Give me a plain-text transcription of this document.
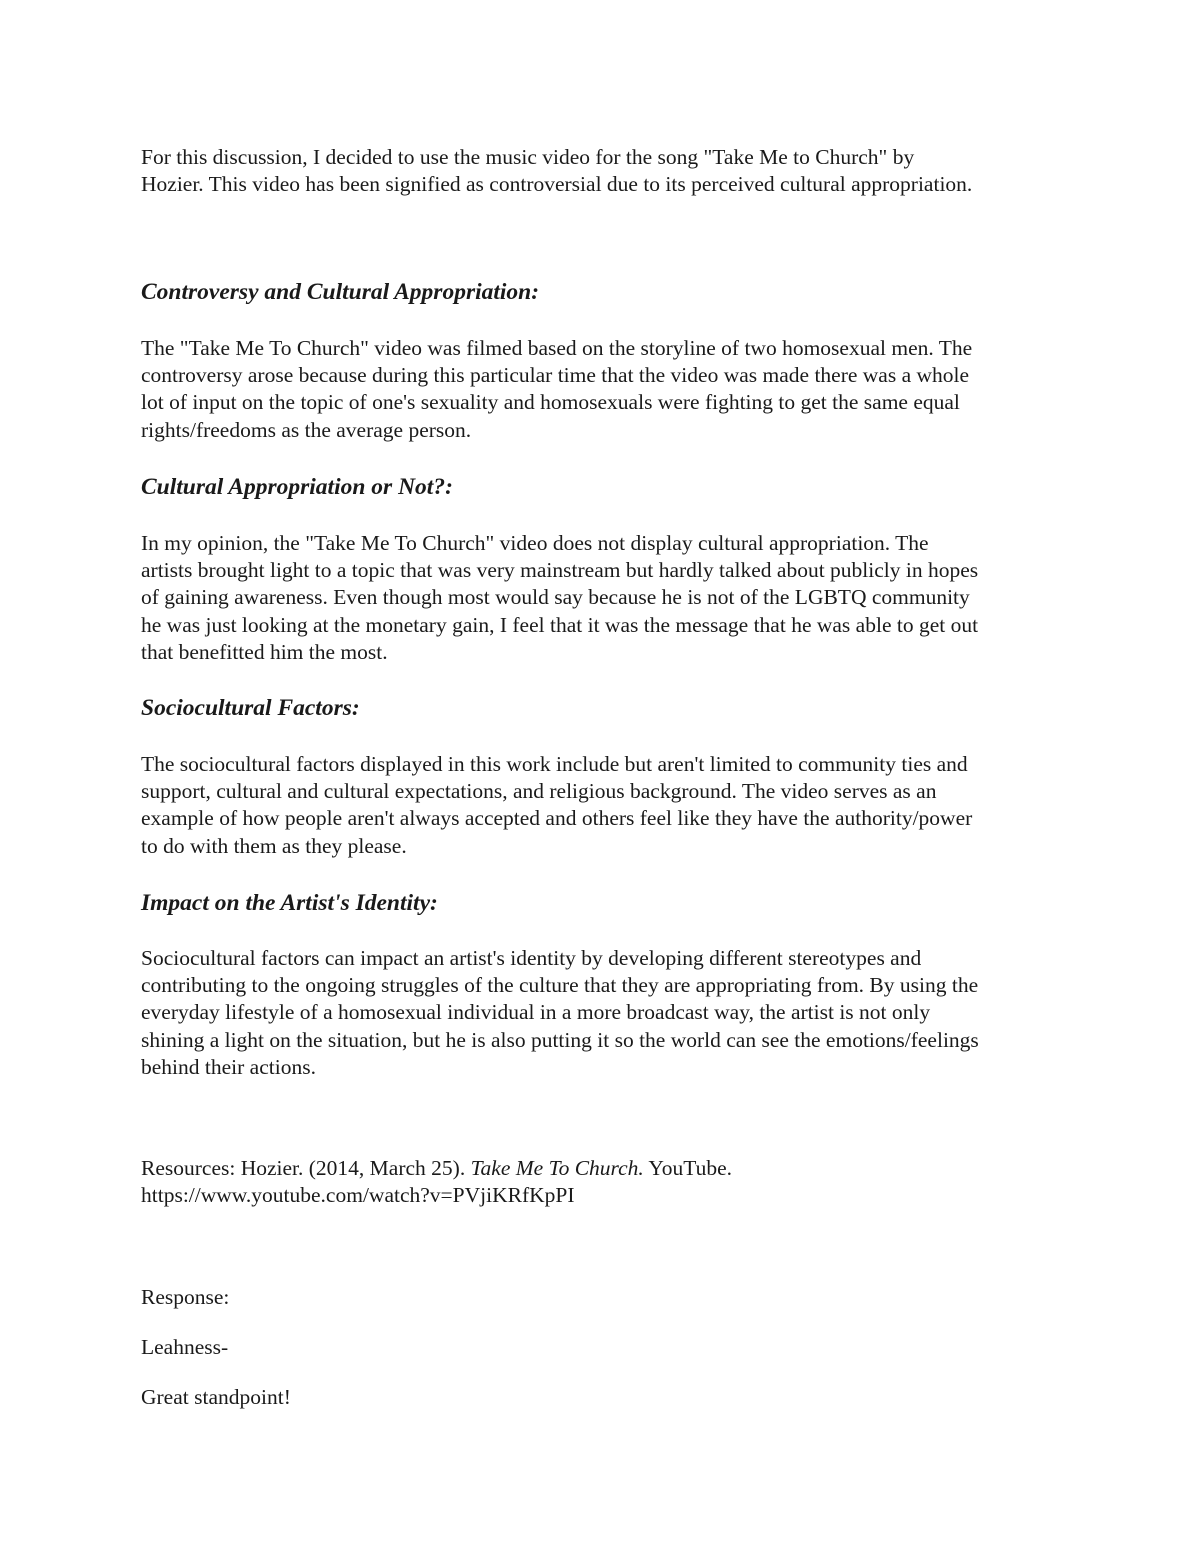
For this discussion, I decided to use the music video for the song "Take Me to Church" by
Hozier. This video has been signified as controversial due to its perceived cultural appropriation.

Controversy and Cultural Appropriation:

The "Take Me To Church" video was filmed based on the storyline of two homosexual men. The
controversy arose because during this particular time that the video was made there was a whole
lot of input on the topic of one's sexuality and homosexuals were fighting to get the same equal
rights/freedoms as the average person.

Cultural Appropriation or Not?:

In my opinion, the "Take Me To Church" video does not display cultural appropriation. The
artists brought light to a topic that was very mainstream but hardly talked about publicly in hopes
of gaining awareness. Even though most would say because he is not of the LGBTQ community
he was just looking at the monetary gain, I feel that it was the message that he was able to get out
that benefitted him the most.

Sociocultural Factors:

The sociocultural factors displayed in this work include but aren't limited to community ties and
support, cultural and cultural expectations, and religious background. The video serves as an
example of how people aren't always accepted and others feel like they have the authority/power
to do with them as they please.

Impact on the Artist's Identity:

Sociocultural factors can impact an artist's identity by developing different stereotypes and
contributing to the ongoing struggles of the culture that they are appropriating from. By using the
everyday lifestyle of a homosexual individual in a more broadcast way, the artist is not only
shining a light on the situation, but he is also putting it so the world can see the emotions/feelings
behind their actions.

Resources: Hozier. (2014, March 25). Take Me To Church. YouTube.
https://www.youtube.com/watch?v=PVjiKRfKpPI

Response:

Leahness-

Great standpoint!
